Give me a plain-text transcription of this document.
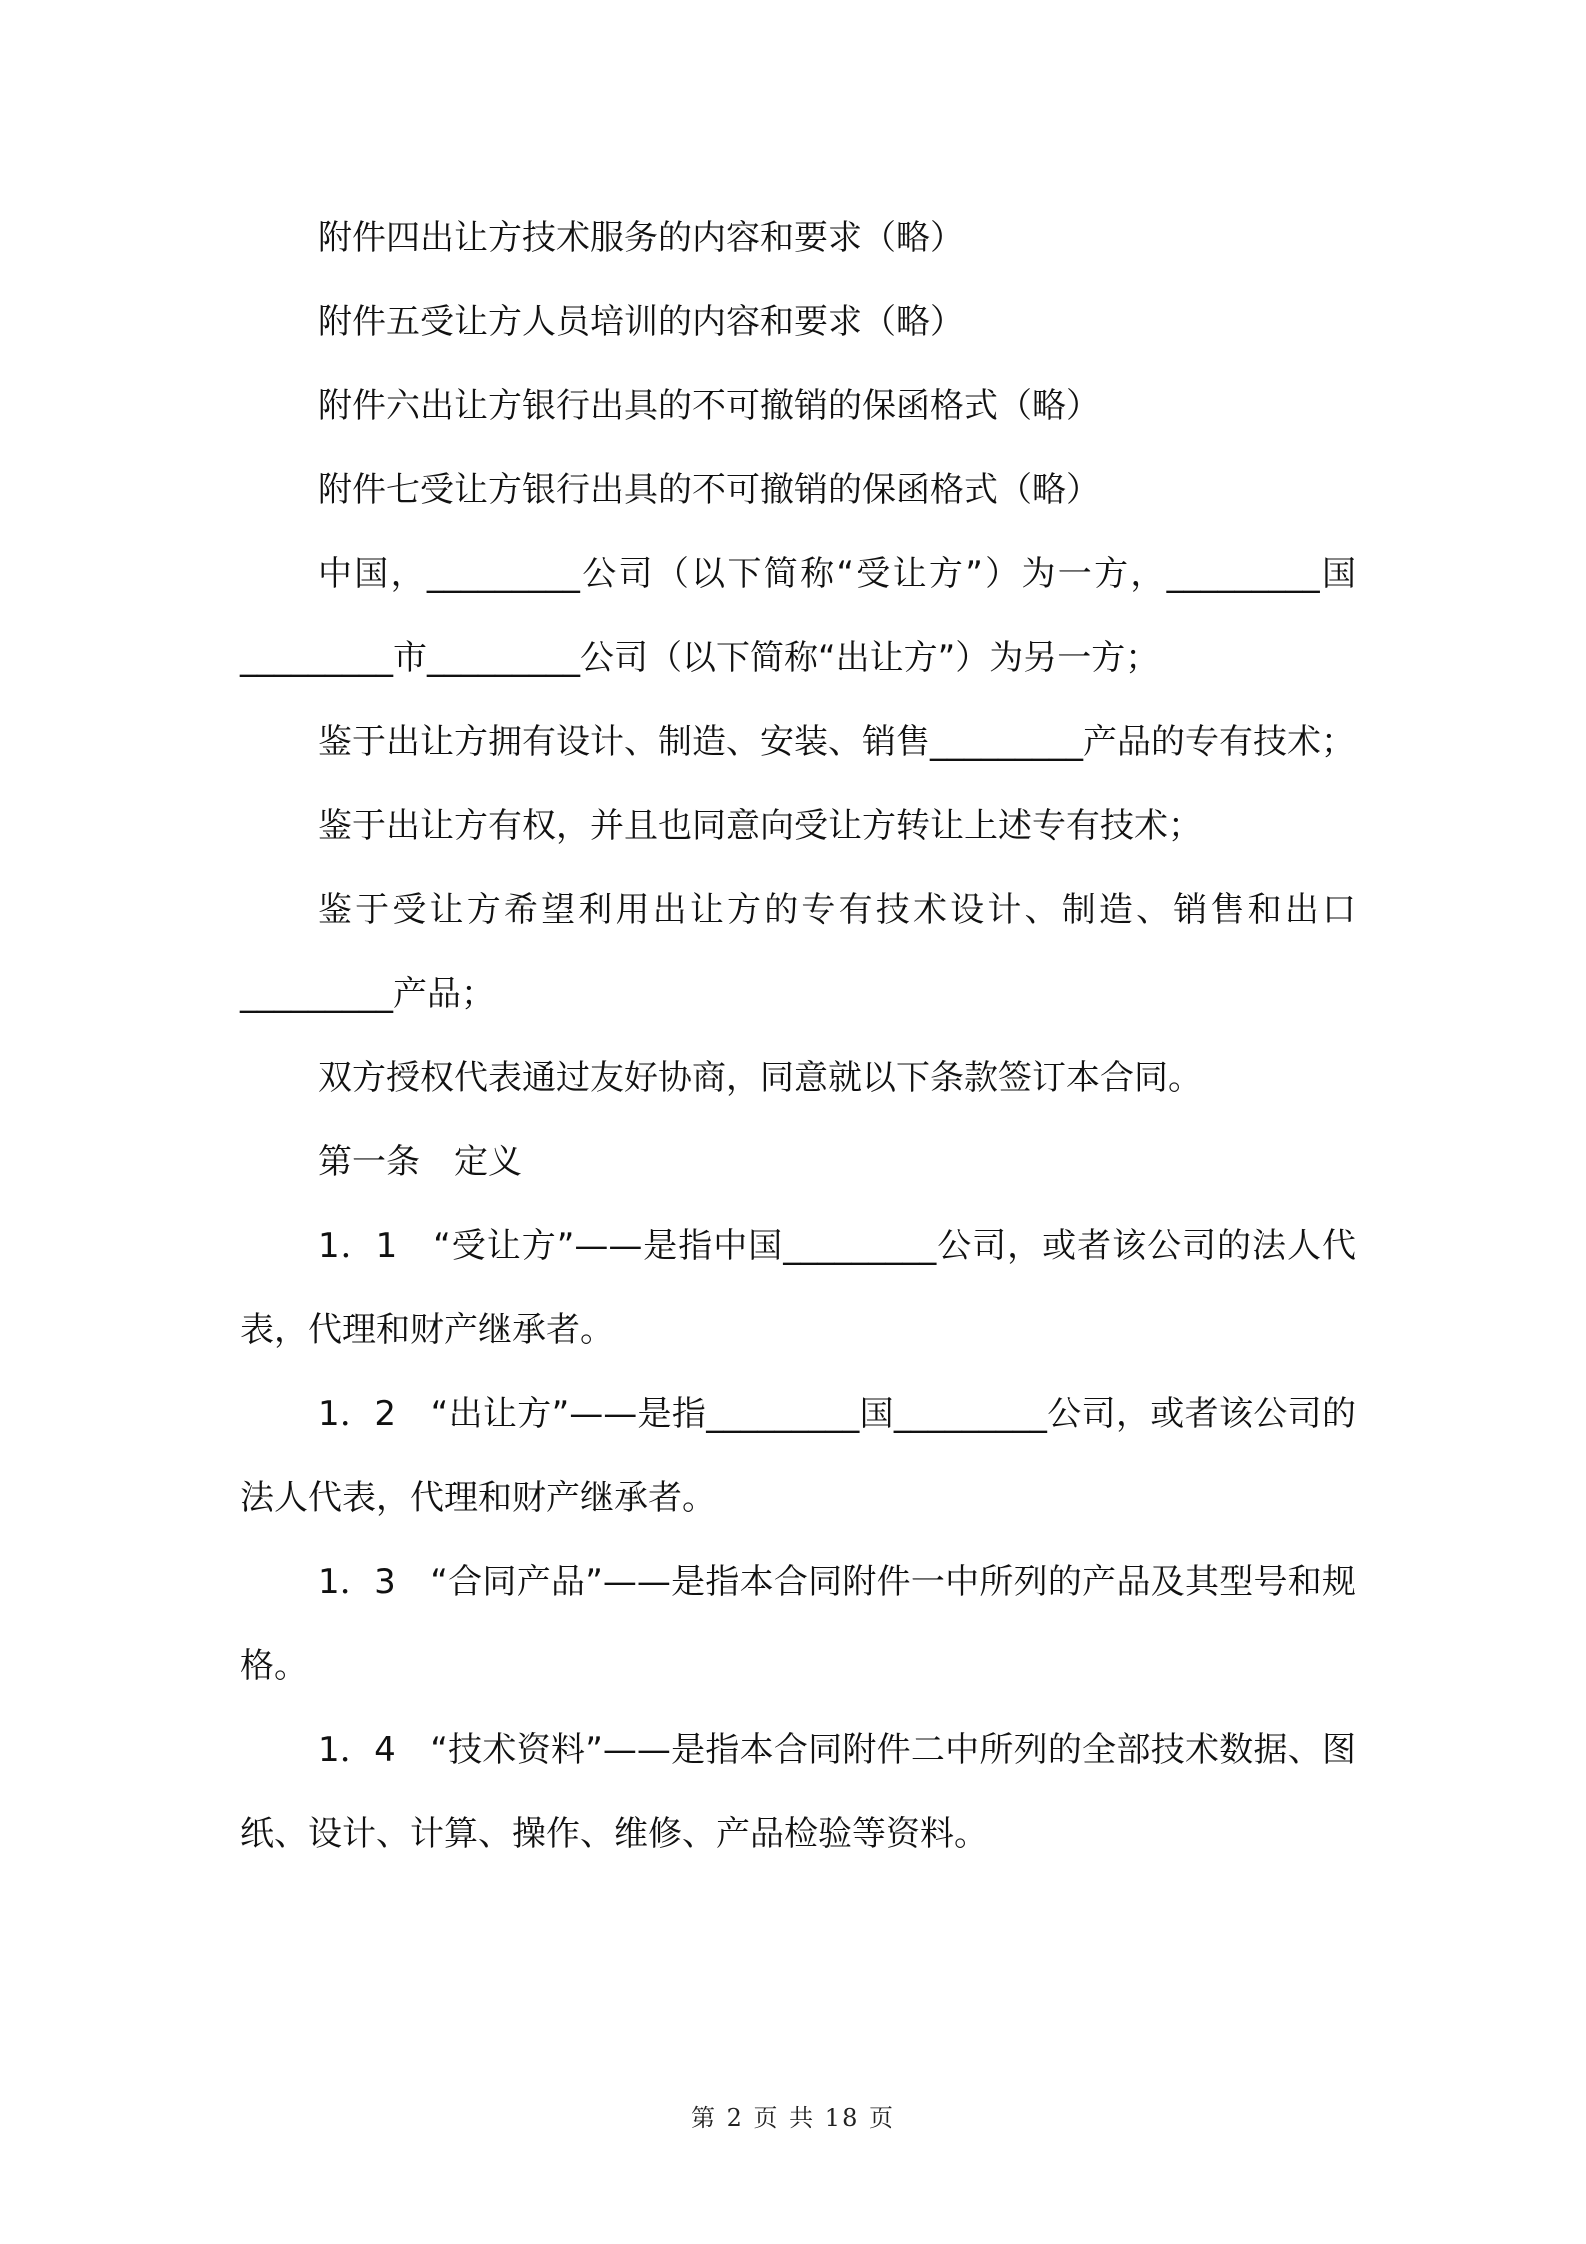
附件四出让方技术服务的内容和要求（略）

附件五受让方人员培训的内容和要求（略）

附件六出让方银行出具的不可撤销的保函格式（略）

附件七受让方银行出具的不可撤销的保函格式（略）

中国，_________公司（以下简称“受让方”）为一方，_________国_________市_________公司（以下简称“出让方”）为另一方；

鉴于出让方拥有设计、制造、安装、销售_________产品的专有技术；

鉴于出让方有权，并且也同意向受让方转让上述专有技术；

鉴于受让方希望利用出让方的专有技术设计、制造、销售和出口_________产品；

双方授权代表通过友好协商，同意就以下条款签订本合同。

第一条　定义

1．1　“受让方”——是指中国_________公司，或者该公司的法人代表，代理和财产继承者。

1．2　“出让方”——是指_________国_________公司，或者该公司的法人代表，代理和财产继承者。

1．3　“合同产品”——是指本合同附件一中所列的产品及其型号和规格。

1．4　“技术资料”——是指本合同附件二中所列的全部技术数据、图纸、设计、计算、操作、维修、产品检验等资料。

第 2 页 共 18 页
